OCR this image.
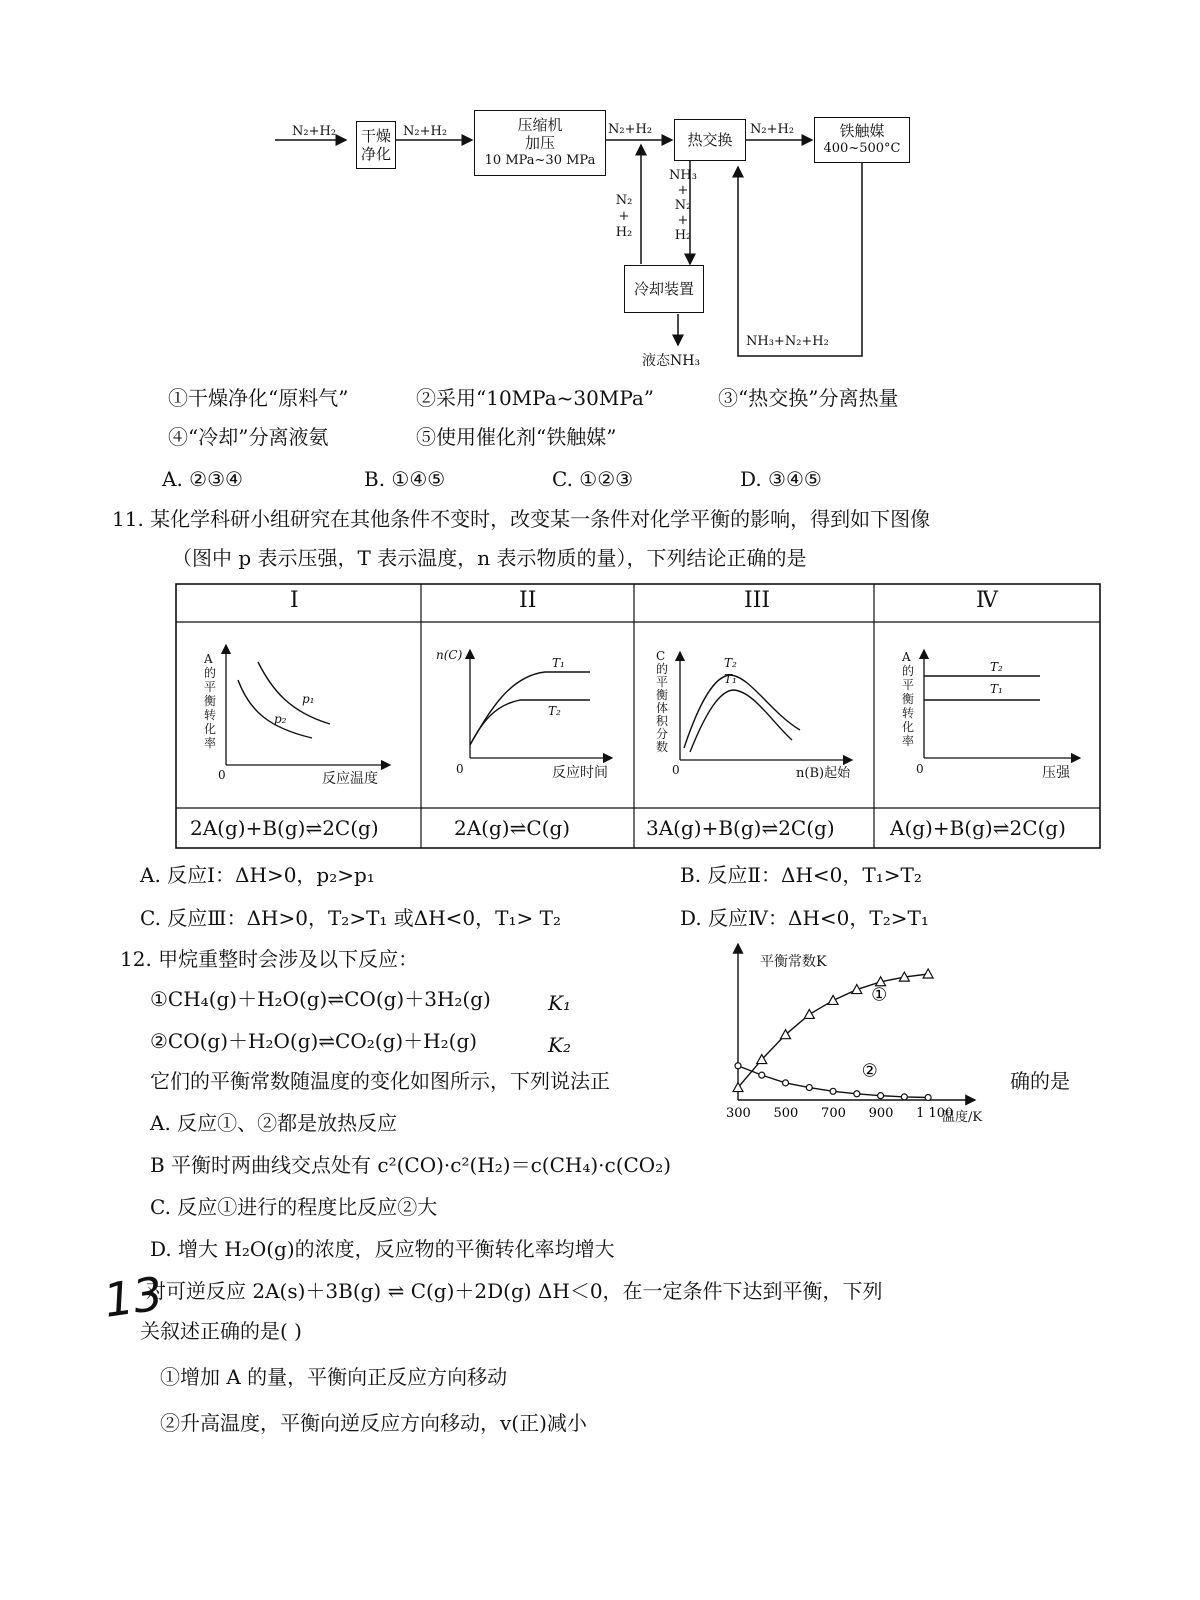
N₂+H₂ 干燥净化
N₂+H₂	压缩机
加压
10 MPa~30 MPa
N₂+H₂
热交换
N₂+H₂	铁触媒
400~500°C
N₂
+
H₂
NH₃
+
N₂
+
H₂
冷却装置
液态NH₃
NH₃+N₂+H₂
①干燥净化“原料气”	②采用“10MPa~30MPa”	③“热交换”分离热量
④“冷却”分离液氨	⑤使用催化剂“铁触媒”
A. ②③④	B. ①④⑤	C. ①②③	D. ③④⑤
11. 某化学科研小组研究在其他条件不变时，改变某一条件对化学平衡的影响，得到如下图像
（图中 p 表示压强，T 表示温度，n 表示物质的量），下列结论正确的是
I	II	III	Ⅳ
A的平衡转化率
0	反应温度
p₁
p₂
n(C)
0	反应时间
T₁
T₂
C的平衡体积分数
0	n(B)起始
T₂
T₁
A的平衡转化率
0	压强
T₂
T₁
2A(g)+B(g)⇌2C(g)	2A(g)⇌C(g)	3A(g)+B(g)⇌2C(g)	A(g)+B(g)⇌2C(g)
A. 反应Ⅰ：ΔH>0，p₂>p₁	B. 反应Ⅱ：ΔH<0，T₁>T₂
C. 反应Ⅲ：ΔH>0，T₂>T₁ 或ΔH<0，T₁> T₂	D. 反应Ⅳ：ΔH<0，T₂>T₁
12. 甲烷重整时会涉及以下反应：
①CH₄(g)＋H₂O(g)⇌CO(g)＋3H₂(g)	K₁
②CO(g)＋H₂O(g)⇌CO₂(g)＋H₂(g)	K₂
它们的平衡常数随温度的变化如图所示，下列说法正	确的是
①
②
300 500 700 900 1 100
平衡常数K
温度/K
A. 反应①、②都是放热反应
B 平衡时两曲线交点处有 c²(CO)·c²(H₂)＝c(CH₄)·c(CO₂)
C. 反应①进行的程度比反应②大
D. 增大 H₂O(g)的浓度，反应物的平衡转化率均增大
13
对可逆反应 2A(s)＋3B(g) ⇌ C(g)＋2D(g) ΔH＜0，在一定条件下达到平衡，下列
关叙述正确的是( )
①增加 A 的量，平衡向正反应方向移动
②升高温度，平衡向逆反应方向移动，v(正)减小
